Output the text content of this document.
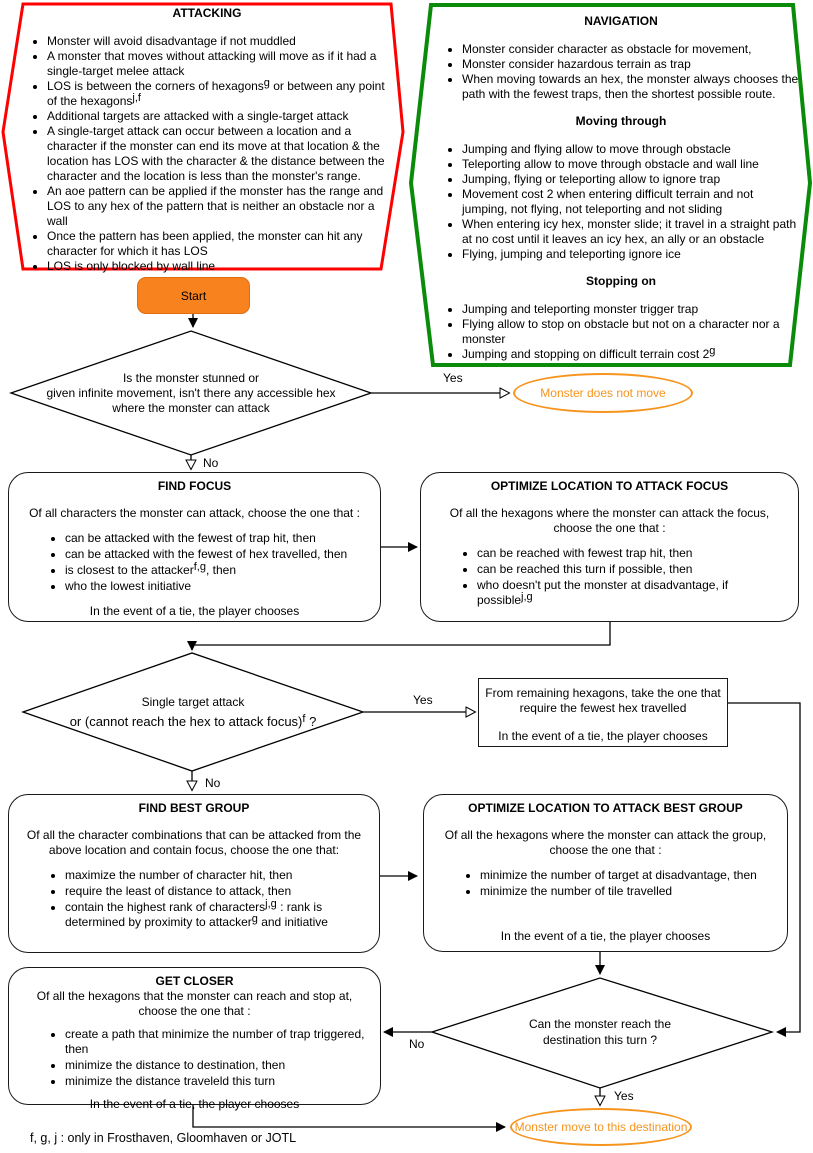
ATTACKING
• Monster will avoid disadvantage if not muddled
• A monster that moves without attacking will move as if it had a single-target melee attack
• LOS is between the corners of hexagons$^g$ or between any point of the hexagons$^{j,f}$
• Additional targets are attacked with a single-target attack
• A single-target attack can occur between a location and a character if the monster can end its move at that location & the location has LOS with the character & the distance between the character and the location is less than the monster's range.
• An aoe pattern can be applied if the monster has the range and LOS to any hex of the pattern that is neither an obstacle nor a wall
• Once the pattern has been applied, the monster can hit any character for which it has LOS
• LOS is only blocked by wall line
NAVIGATION
• Monster consider character as obstacle for movement,
• Monster consider hazardous terrain as trap
• When moving towards an hex, the monster always chooses the path with the fewest traps, then the shortest possible route.
Moving through
• Jumping and flying allow to move through obstacle
• Teleporting allow to move through obstacle and wall line
• Jumping, flying or teleporting allow to ignore trap
• Movement cost 2 when entering difficult terrain and not jumping, not flying, not teleporting and not sliding
• When entering icy hex, monster slide; it travel in a straight path at no cost until it leaves an icy hex, an ally or an obstacle
• Flying, jumping and teleporting ignore ice
Stopping on
• Jumping and teleporting monster trigger trap
• Flying allow to stop on obstacle but not on a character nor a monster
• Jumping and stopping on difficult terrain cost 2$^g$
Start
Is the monster stunned or
given infinite movement, isn't there any accessible hex
where the monster can attack
Monster does not move
FIND FOCUS
Of all characters the monster can attack, choose the one that :
• can be attacked with the fewest of trap hit, then
• can be attacked with the fewest of hex travelled, then
• is closest to the attacker$^{f,g}$, then
• who the lowest initiative
In the event of a tie, the player chooses
OPTIMIZE LOCATION TO ATTACK FOCUS
Of all the hexagons where the monster can attack the focus, choose the one that :
• can be reached with fewest trap hit, then
• can be reached this turn if possible, then
• who doesn't put the monster at disadvantage, if possible$^{j,g}$
Single target attack
or (cannot reach the hex to attack focus)$^f$ ?
From remaining hexagons, take the one that
require the fewest hex travelled
In the event of a tie, the player chooses
FIND BEST GROUP
Of all the character combinations that can be attacked from the above location and contain focus, choose the one that:
• maximize the number of character hit, then
• require the least of distance to attack, then
• contain the highest rank of characters$^{j,g}$ : rank is determined by proximity to attacker$^g$ and initiative
OPTIMIZE LOCATION TO ATTACK BEST GROUP
Of all the hexagons where the monster can attack the group, choose the one that :
• minimize the number of target at disadvantage, then
• minimize the number of tile travelled
In the event of a tie, the player chooses
GET CLOSER
Of all the hexagons that the monster can reach and stop at, choose the one that :
• create a path that minimize the number of trap triggered, then
• minimize the distance to destination, then
• minimize the distance traveleld this turn
In the event of a tie, the player chooses
Can the monster reach the
destination this turn ?
Monster move to this destination
Yes
No
Yes
No
No
Yes
f, g, j : only in Frosthaven, Gloomhaven or JOTL
